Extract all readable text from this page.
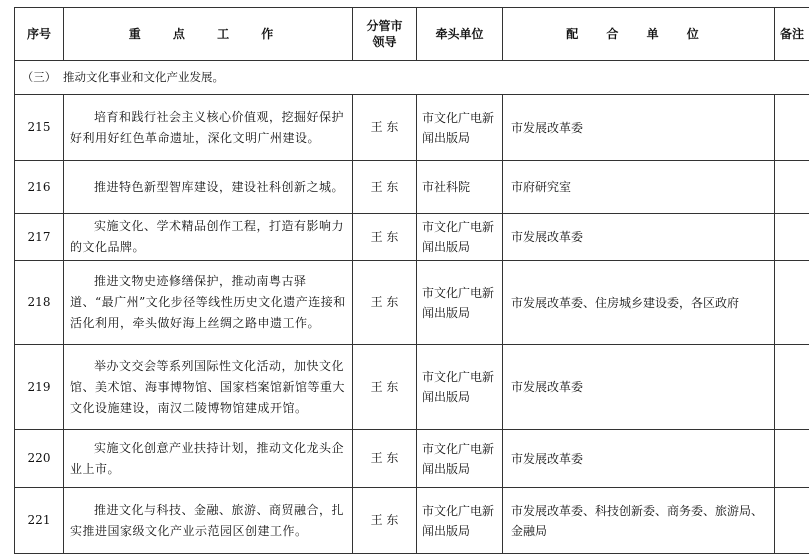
序号	重 点 工 作	分管市领导	牵头单位	配 合 单 位	备注
（三） 推动文化事业和文化产业发展。					
215	培育和践行社会主义核心价值观，挖掘好保护好利用好红色革命遗址，深化文明广州建设。	王 东	市文化广电新闻出版局	市发展改革委	
216	推进特色新型智库建设，建设社科创新之城。	王 东	市社科院	市府研究室	
217	实施文化、学术精品创作工程，打造有影响力的文化品牌。	王 东	市文化广电新闻出版局	市发展改革委	
218	推进文物史迹修缮保护，推动南粤古驿道、“最广州”文化步径等线性历史文化遗产连接和活化利用，牵头做好海上丝绸之路申遗工作。	王 东	市文化广电新闻出版局	市发展改革委、住房城乡建设委，各区政府	
219	举办文交会等系列国际性文化活动，加快文化馆、美术馆、海事博物馆、国家档案馆新馆等重大文化设施建设，南汉二陵博物馆建成开馆。	王 东	市文化广电新闻出版局	市发展改革委	
220	实施文化创意产业扶持计划，推动文化龙头企业上市。	王 东	市文化广电新闻出版局	市发展改革委	
221	推进文化与科技、金融、旅游、商贸融合，扎实推进国家级文化产业示范园区创建工作。	王 东	市文化广电新闻出版局	市发展改革委、科技创新委、商务委、旅游局、金融局	
